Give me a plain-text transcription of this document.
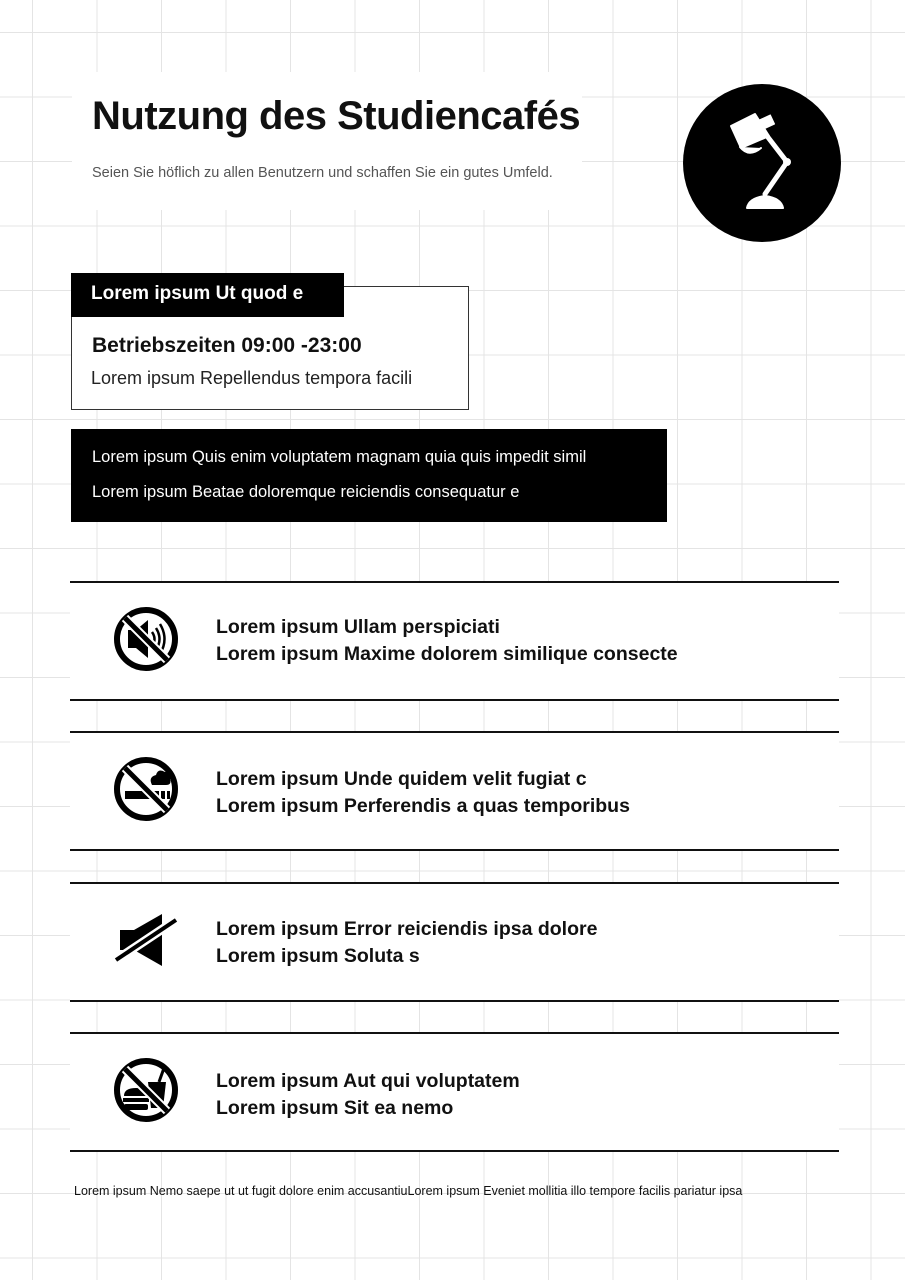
Nutzung des Studiencafés
Seien Sie höflich zu allen Benutzern und schaffen Sie ein gutes Umfeld.
Lorem ipsum Ut quod e
Betriebszeiten 09:00 -23:00
Lorem ipsum Repellendus tempora facili
Lorem ipsum Quis enim voluptatem magnam quia quis impedit simil
Lorem ipsum Beatae doloremque reiciendis consequatur e
Lorem ipsum Ullam perspiciati
Lorem ipsum Maxime dolorem similique consecte
Lorem ipsum Unde quidem velit fugiat c
Lorem ipsum Perferendis a quas temporibus
Lorem ipsum Error reiciendis ipsa dolore
Lorem ipsum Soluta s
Lorem ipsum Aut qui voluptatem
Lorem ipsum Sit ea nemo
Lorem ipsum Nemo saepe ut ut fugit dolore enim accusantiuLorem ipsum Eveniet mollitia illo tempore facilis pariatur ipsa
